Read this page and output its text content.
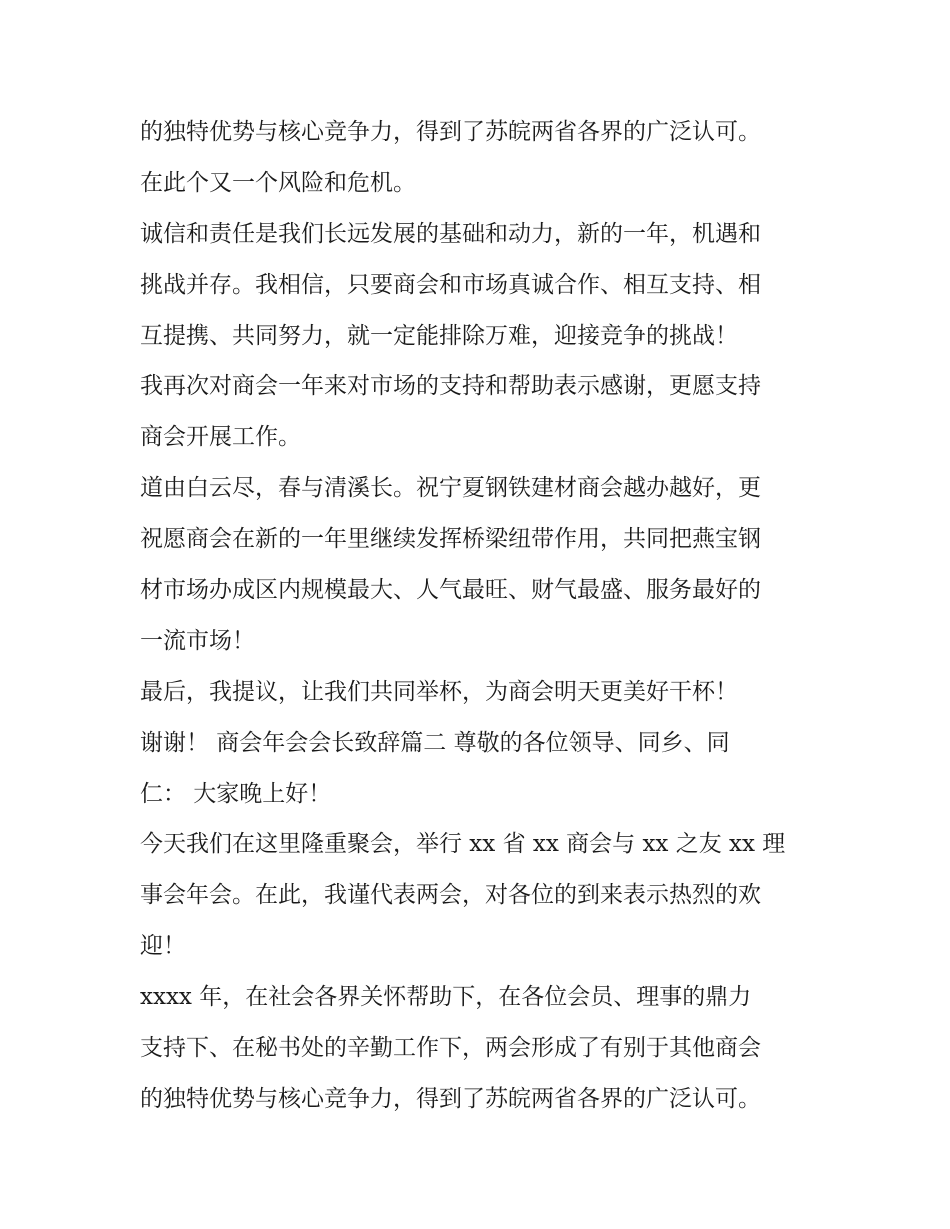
的独特优势与核心竞争力，得到了苏皖两省各界的广泛认可。
在此个又一个风险和危机。
诚信和责任是我们长远发展的基础和动力，新的一年，机遇和
挑战并存。我相信，只要商会和市场真诚合作、相互支持、相
互提携、共同努力，就一定能排除万难，迎接竞争的挑战！
我再次对商会一年来对市场的支持和帮助表示感谢，更愿支持
商会开展工作。
道由白云尽，春与清溪长。祝宁夏钢铁建材商会越办越好，更
祝愿商会在新的一年里继续发挥桥梁纽带作用，共同把燕宝钢
材市场办成区内规模最大、人气最旺、财气最盛、服务最好的
一流市场！
最后，我提议，让我们共同举杯，为商会明天更美好干杯！
谢谢！ 商会年会会长致辞篇二 尊敬的各位领导、同乡、同
仁： 大家晚上好！
今天我们在这里隆重聚会，举行 xx 省 xx 商会与 xx 之友 xx 理
事会年会。在此，我谨代表两会，对各位的到来表示热烈的欢
迎！
xxxx 年，在社会各界关怀帮助下，在各位会员、理事的鼎力
支持下、在秘书处的辛勤工作下，两会形成了有别于其他商会
的独特优势与核心竞争力，得到了苏皖两省各界的广泛认可。
